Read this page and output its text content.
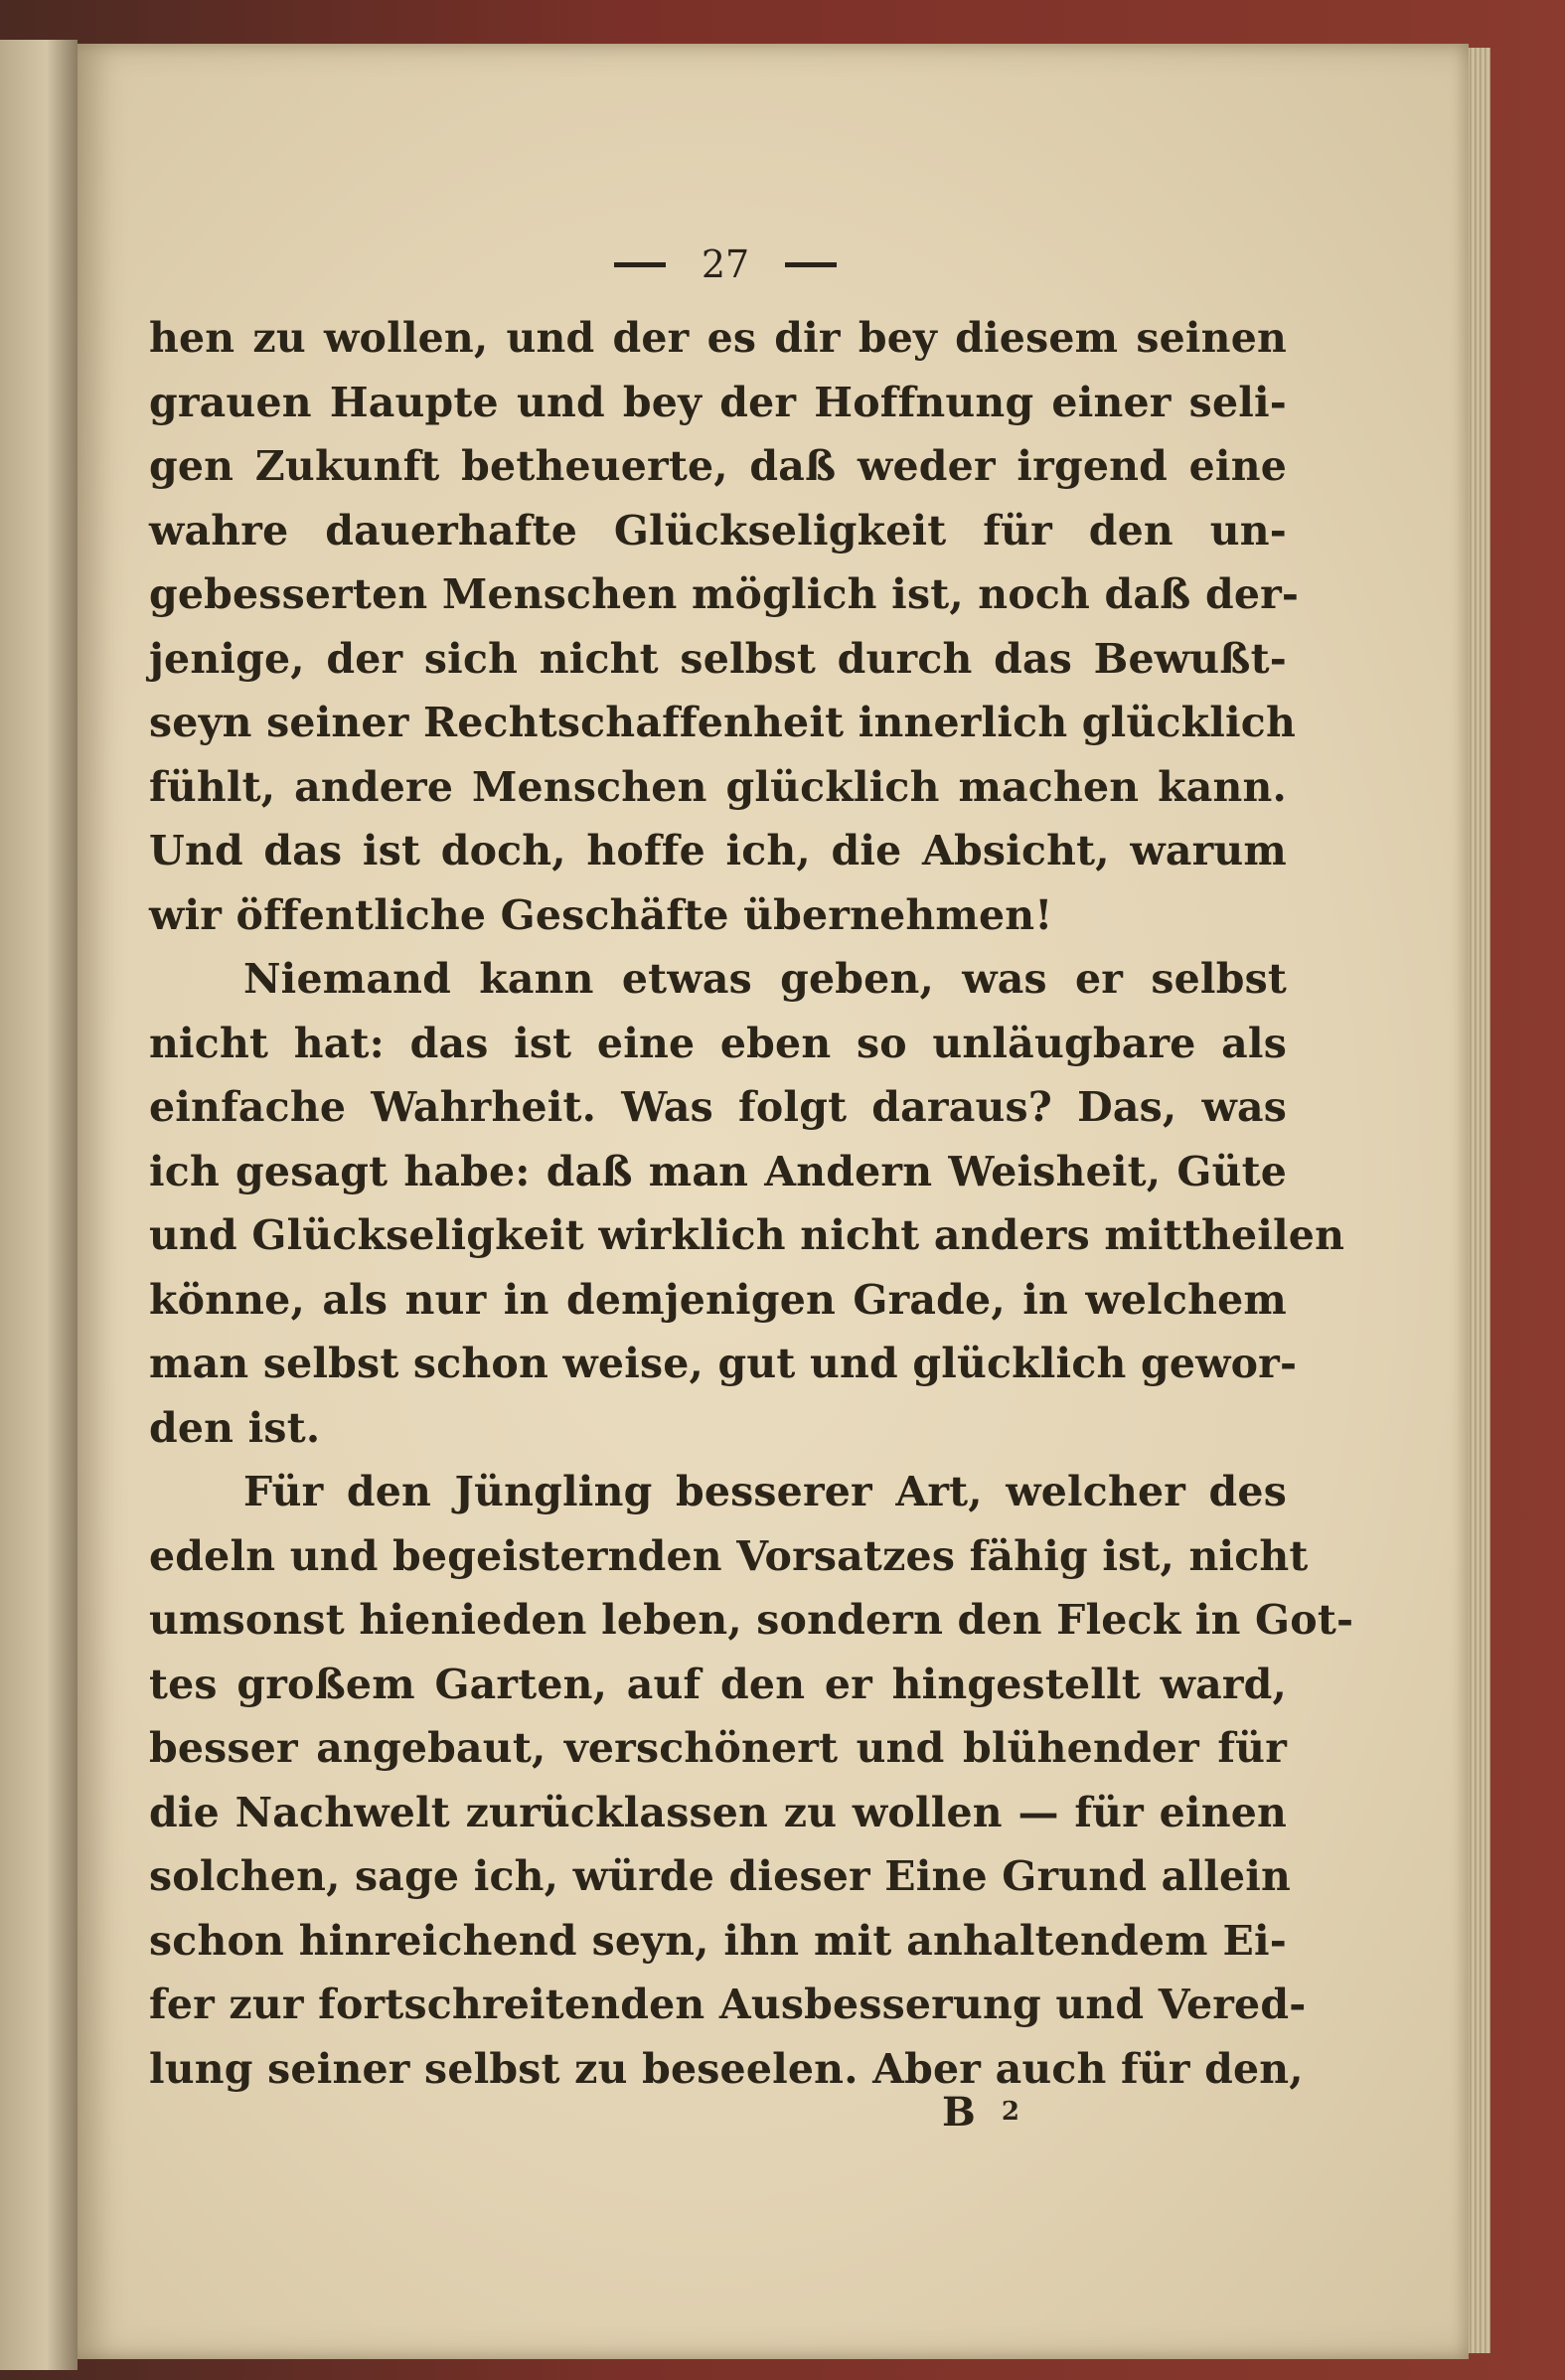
27
hen zu wollen, und der es dir bey diesem seinen
grauen Haupte und bey der Hoffnung einer seli-
gen Zukunft betheuerte, daß weder irgend eine
wahre dauerhafte Glückseligkeit für den un-
gebesserten Menschen möglich ist, noch daß der-
jenige, der sich nicht selbst durch das Bewußt-
seyn seiner Rechtschaffenheit innerlich glücklich
fühlt, andere Menschen glücklich machen kann.
Und das ist doch, hoffe ich, die Absicht, warum
wir öffentliche Geschäfte übernehmen!
Niemand kann etwas geben, was er selbst
nicht hat: das ist eine eben so unläugbare als
einfache Wahrheit. Was folgt daraus? Das, was
ich gesagt habe: daß man Andern Weisheit, Güte
und Glückseligkeit wirklich nicht anders mittheilen
könne, als nur in demjenigen Grade, in welchem
man selbst schon weise, gut und glücklich gewor-
den ist.
Für den Jüngling besserer Art, welcher des
edeln und begeisternden Vorsatzes fähig ist, nicht
umsonst hienieden leben, sondern den Fleck in Got-
tes großem Garten, auf den er hingestellt ward,
besser angebaut, verschönert und blühender für
die Nachwelt zurücklassen zu wollen — für einen
solchen, sage ich, würde dieser Eine Grund allein
schon hinreichend seyn, ihn mit anhaltendem Ei-
fer zur fortschreitenden Ausbesserung und Vered-
lung seiner selbst zu beseelen. Aber auch für den,
B 2
